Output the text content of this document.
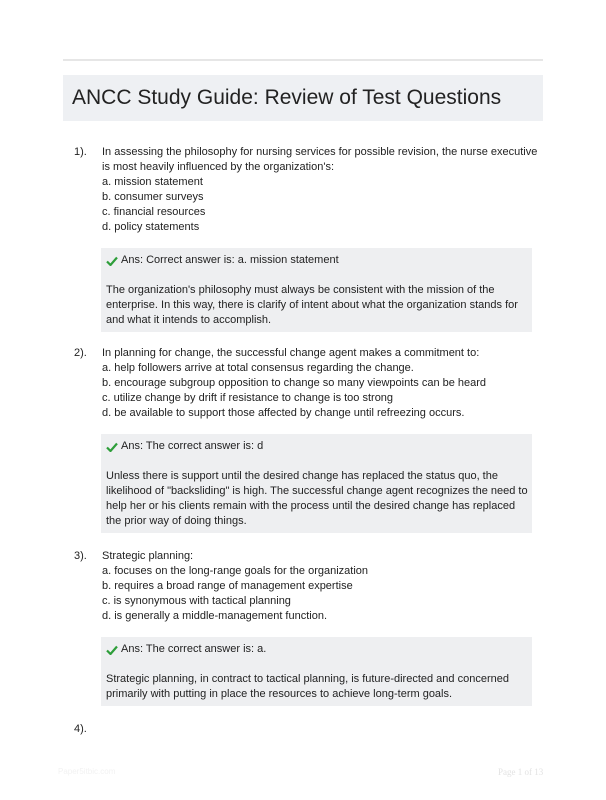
ANCC Study Guide: Review of Test Questions
1). In assessing the philosophy for nursing services for possible revision, the nurse executive is most heavily influenced by the organization's:

a. mission statement
b. consumer surveys
c. financial resources
d. policy statements
Ans: Correct answer is: a. mission statement
The organization's philosophy must always be consistent with the mission of the enterprise. In this way, there is clarify of intent about what the organization stands for and what it intends to accomplish.
2). In planning for change, the successful change agent makes a commitment to:

a. help followers arrive at total consensus regarding the change.
b. encourage subgroup opposition to change so many viewpoints can be heard
c. utilize change by drift if resistance to change is too strong
d. be available to support those affected by change until refreezing occurs.
Ans: The correct answer is: d
Unless there is support until the desired change has replaced the status quo, the likelihood of "backsliding" is high. The successful change agent recognizes the need to help her or his clients remain with the process until the desired change has replaced the prior way of doing things.
3). Strategic planning:

a. focuses on the long-range goals for the organization
b. requires a broad range of management expertise
c. is synonymous with tactical planning
d. is generally a middle-management function.
Ans: The correct answer is: a.
Strategic planning, in contract to tactical planning, is future-directed and concerned primarily with putting in place the resources to achieve long-term goals.
4).
Paper5itbic.com	Page 1 of 13
